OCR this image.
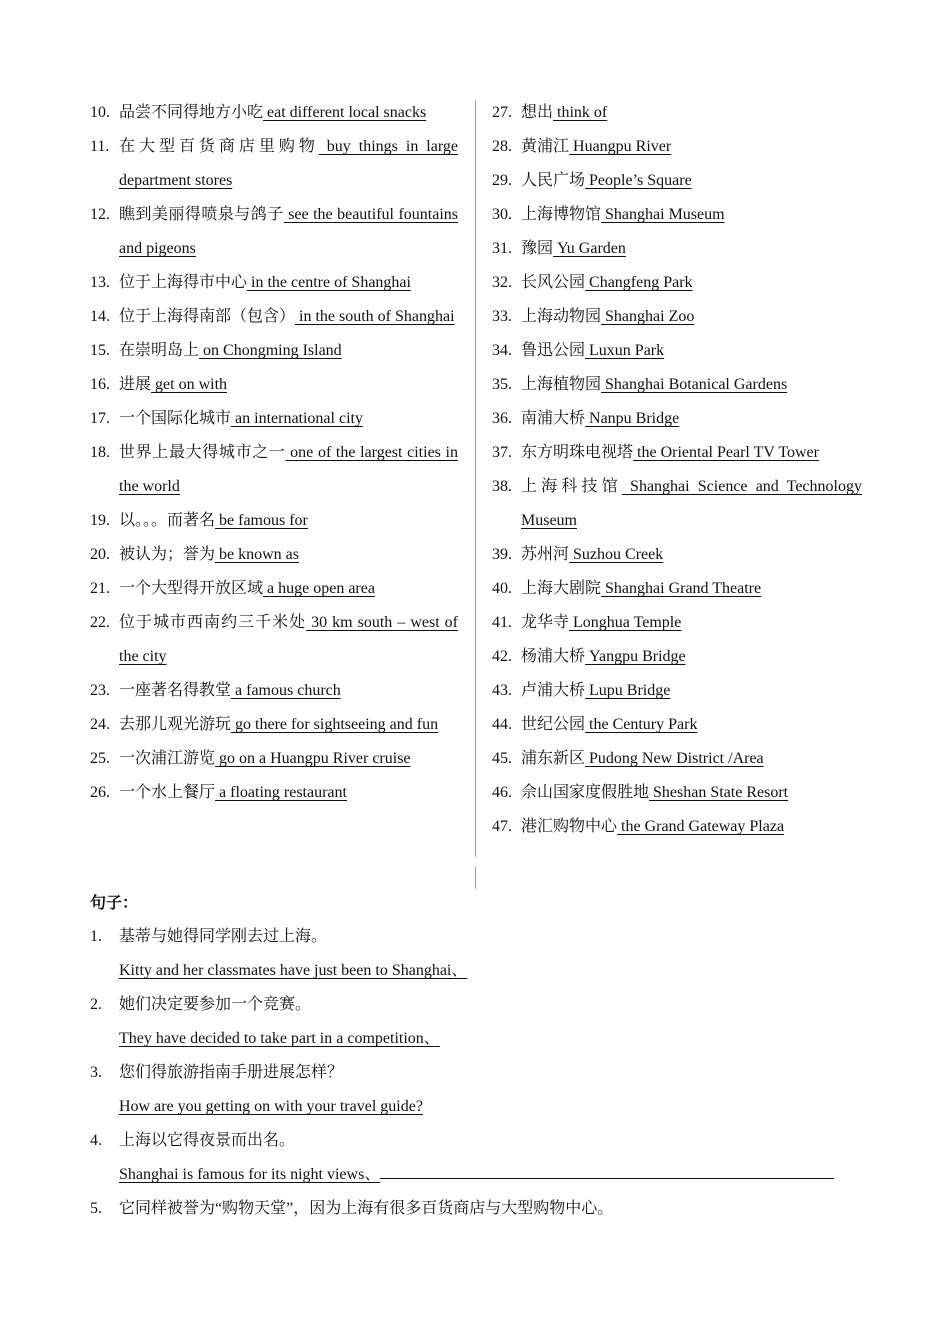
10. 品尝不同得地方小吃 eat different local snacks
11. 在大型百货商店里购物 buy things in large department stores
12. 瞧到美丽得喷泉与鸽子 see the beautiful fountains and pigeons
13. 位于上海得市中心 in the centre of Shanghai
14. 位于上海得南部（包含） in the south of Shanghai
15. 在崇明岛上 on Chongming Island
16. 进展 get on with
17. 一个国际化城市 an international city
18. 世界上最大得城市之一 one of the largest cities in the world
19. 以。。。而著名 be famous for
20. 被认为；誉为 be known as
21. 一个大型得开放区域 a huge open area
22. 位于城市西南约三千米处 30 km south – west of the city
23. 一座著名得教堂 a famous church
24. 去那儿观光游玩 go there for sightseeing and fun
25. 一次浦江游览 go on a Huangpu River cruise
26. 一个水上餐厅 a floating restaurant
27. 想出 think of
28. 黄浦江 Huangpu River
29. 人民广场 People’s Square
30. 上海博物馆 Shanghai Museum
31. 豫园 Yu Garden
32. 长风公园 Changfeng Park
33. 上海动物园 Shanghai Zoo
34. 鲁迅公园 Luxun Park
35. 上海植物园 Shanghai Botanical Gardens
36. 南浦大桥 Nanpu Bridge
37. 东方明珠电视塔 the Oriental Pearl TV Tower
38. 上海科技馆 Shanghai Science and Technology Museum
39. 苏州河 Suzhou Creek
40. 上海大剧院 Shanghai Grand Theatre
41. 龙华寺 Longhua Temple
42. 杨浦大桥 Yangpu Bridge
43. 卢浦大桥 Lupu Bridge
44. 世纪公园 the Century Park
45. 浦东新区 Pudong New District /Area
46. 佘山国家度假胜地 Sheshan State Resort
47. 港汇购物中心 the Grand Gateway Plaza
句子：
1.	基蒂与她得同学刚去过上海。
Kitty and her classmates have just been to Shanghai、
2.	她们决定要参加一个竞赛。
They have decided to take part in a competition、
3.	您们得旅游指南手册进展怎样？
How are you getting on with your travel guide?
4.	上海以它得夜景而出名。
Shanghai is famous for its night views、
5.	它同样被誉为“购物天堂”，因为上海有很多百货商店与大型购物中心。
